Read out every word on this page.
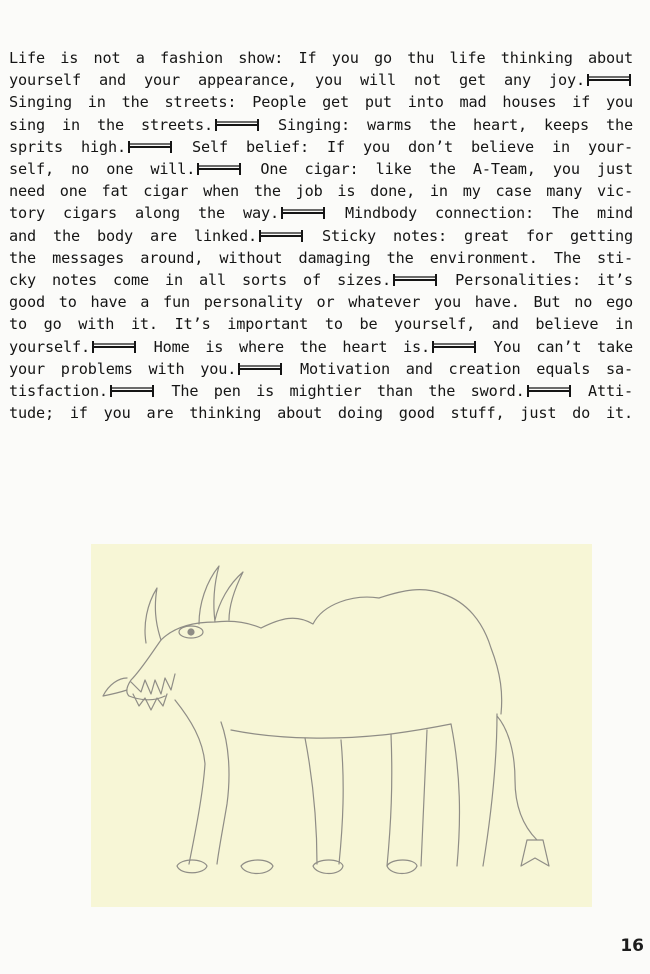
Life is not a fashion show: If you go thu life thinking about
yourself and your appearance, you will not get any joy.
Singing in the streets: People get put into mad houses if you
sing in the streets.	Singing: warms the heart, keeps the
sprits high.	Self belief: If you don’t believe in your-
self, no one will.	One cigar: like the A-Team, you just
need one fat cigar when the job is done, in my case many vic-
tory cigars along the way.	Mindbody connection: The mind
and the body are linked.	Sticky notes: great for getting
the messages around, without damaging the environment. The sti-
cky notes come in all sorts of sizes.	Personalities: it’s
good to have a fun personality or whatever you have. But no ego
to go with it. It’s important to be yourself, and believe in
yourself.	Home is where the heart is.	You can’t take
your problems with you.	Motivation and creation equals sa-
tisfaction.	The pen is mightier than the sword.	Atti-
tude; if you are thinking about doing good stuff, just do it.
16
